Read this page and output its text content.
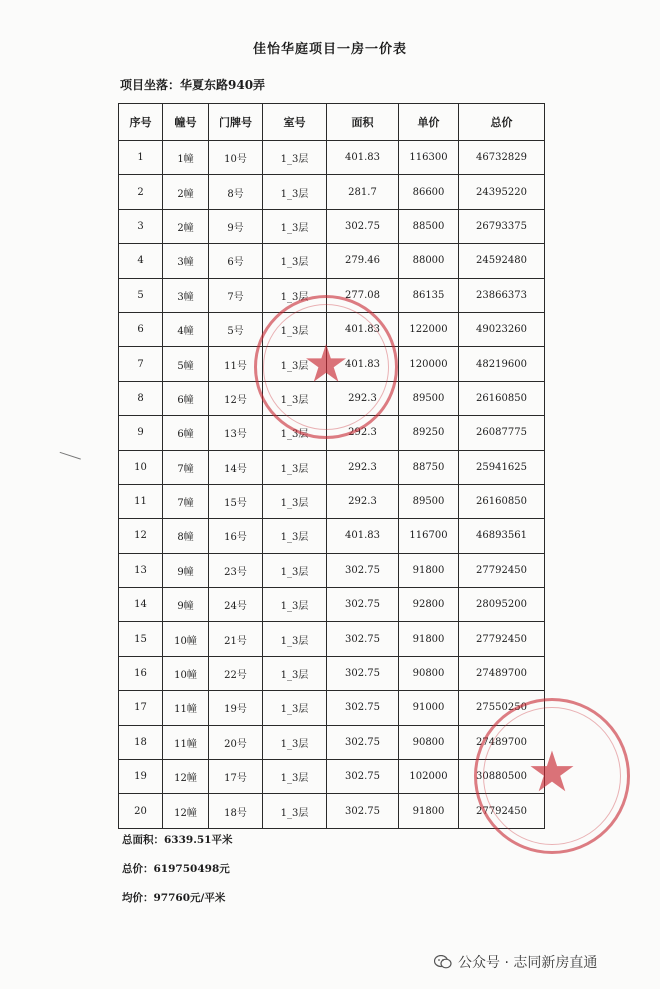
佳怡华庭项目一房一价表
项目坐落：华夏东路940弄
序号	幢号	门牌号	室号	面积	单价	总价
1	1幢	10号	1_3层	401.83	116300	46732829
2	2幢	8号	1_3层	281.7	86600	24395220
3	2幢	9号	1_3层	302.75	88500	26793375
4	3幢	6号	1_3层	279.46	88000	24592480
5	3幢	7号	1_3层	277.08	86135	23866373
6	4幢	5号	1_3层	401.83	122000	49023260
7	5幢	11号	1_3层	401.83	120000	48219600
8	6幢	12号	1_3层	292.3	89500	26160850
9	6幢	13号	1_3层	292.3	89250	26087775
10	7幢	14号	1_3层	292.3	88750	25941625
11	7幢	15号	1_3层	292.3	89500	26160850
12	8幢	16号	1_3层	401.83	116700	46893561
13	9幢	23号	1_3层	302.75	91800	27792450
14	9幢	24号	1_3层	302.75	92800	28095200
15	10幢	21号	1_3层	302.75	91800	27792450
16	10幢	22号	1_3层	302.75	90800	27489700
17	11幢	19号	1_3层	302.75	91000	27550250
18	11幢	20号	1_3层	302.75	90800	27489700
19	12幢	17号	1_3层	302.75	102000	30880500
20	12幢	18号	1_3层	302.75	91800	27792450
总面积：6339.51平米
总价：619750498元
均价：97760元/平米
★
★
公众号 · 志同新房直通
